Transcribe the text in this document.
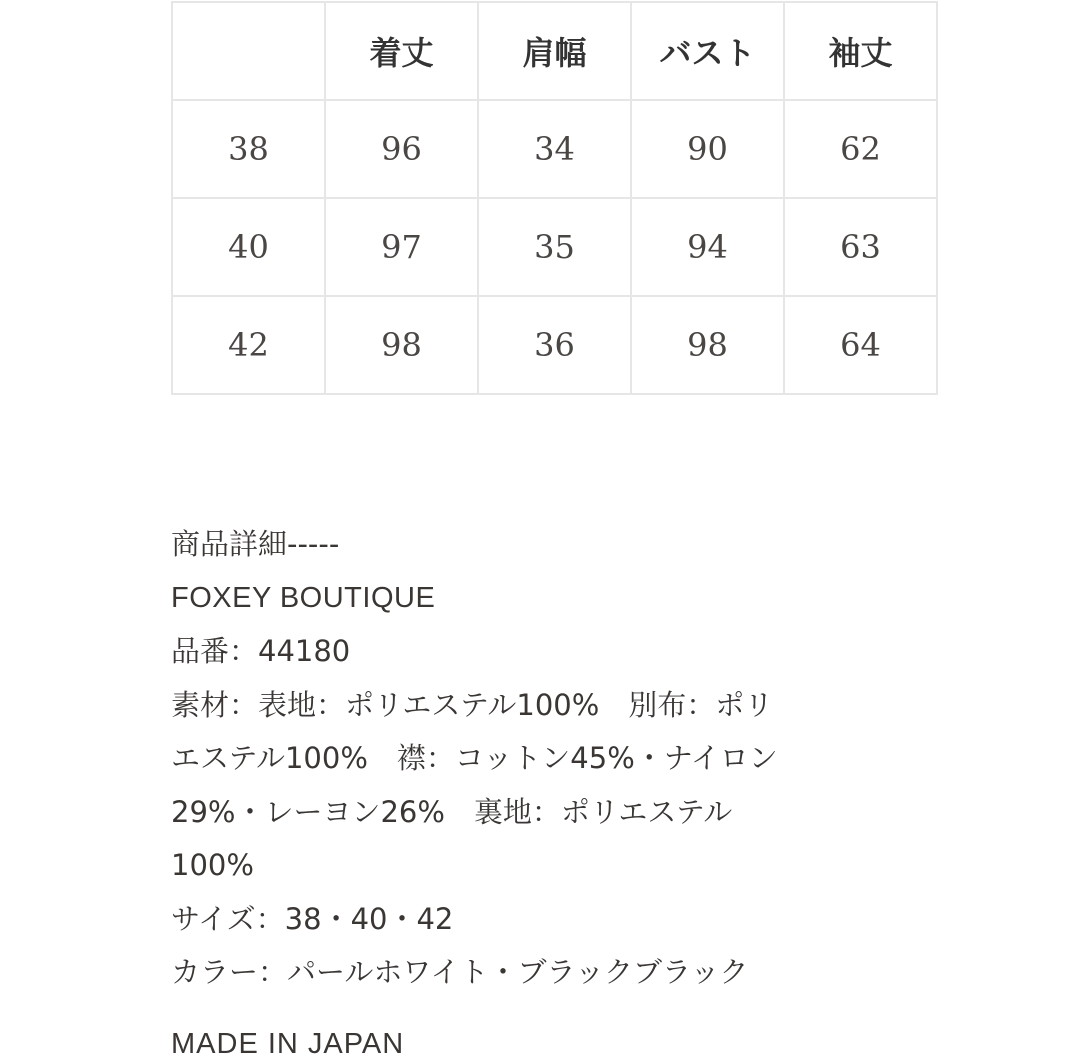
	着丈	肩幅	バスト	袖丈
38	96	34	90	62
40	97	35	94	63
42	98	36	98	64
商品詳細-----
FOXEY BOUTIQUE
品番：44180
素材：表地：ポリエステル100%　別布：ポリ
エステル100%　襟：コットン45%・ナイロン
29%・レーヨン26%　裏地：ポリエステル
100%
サイズ：38・40・42
カラー：パールホワイト・ブラックブラック
MADE IN JAPAN
